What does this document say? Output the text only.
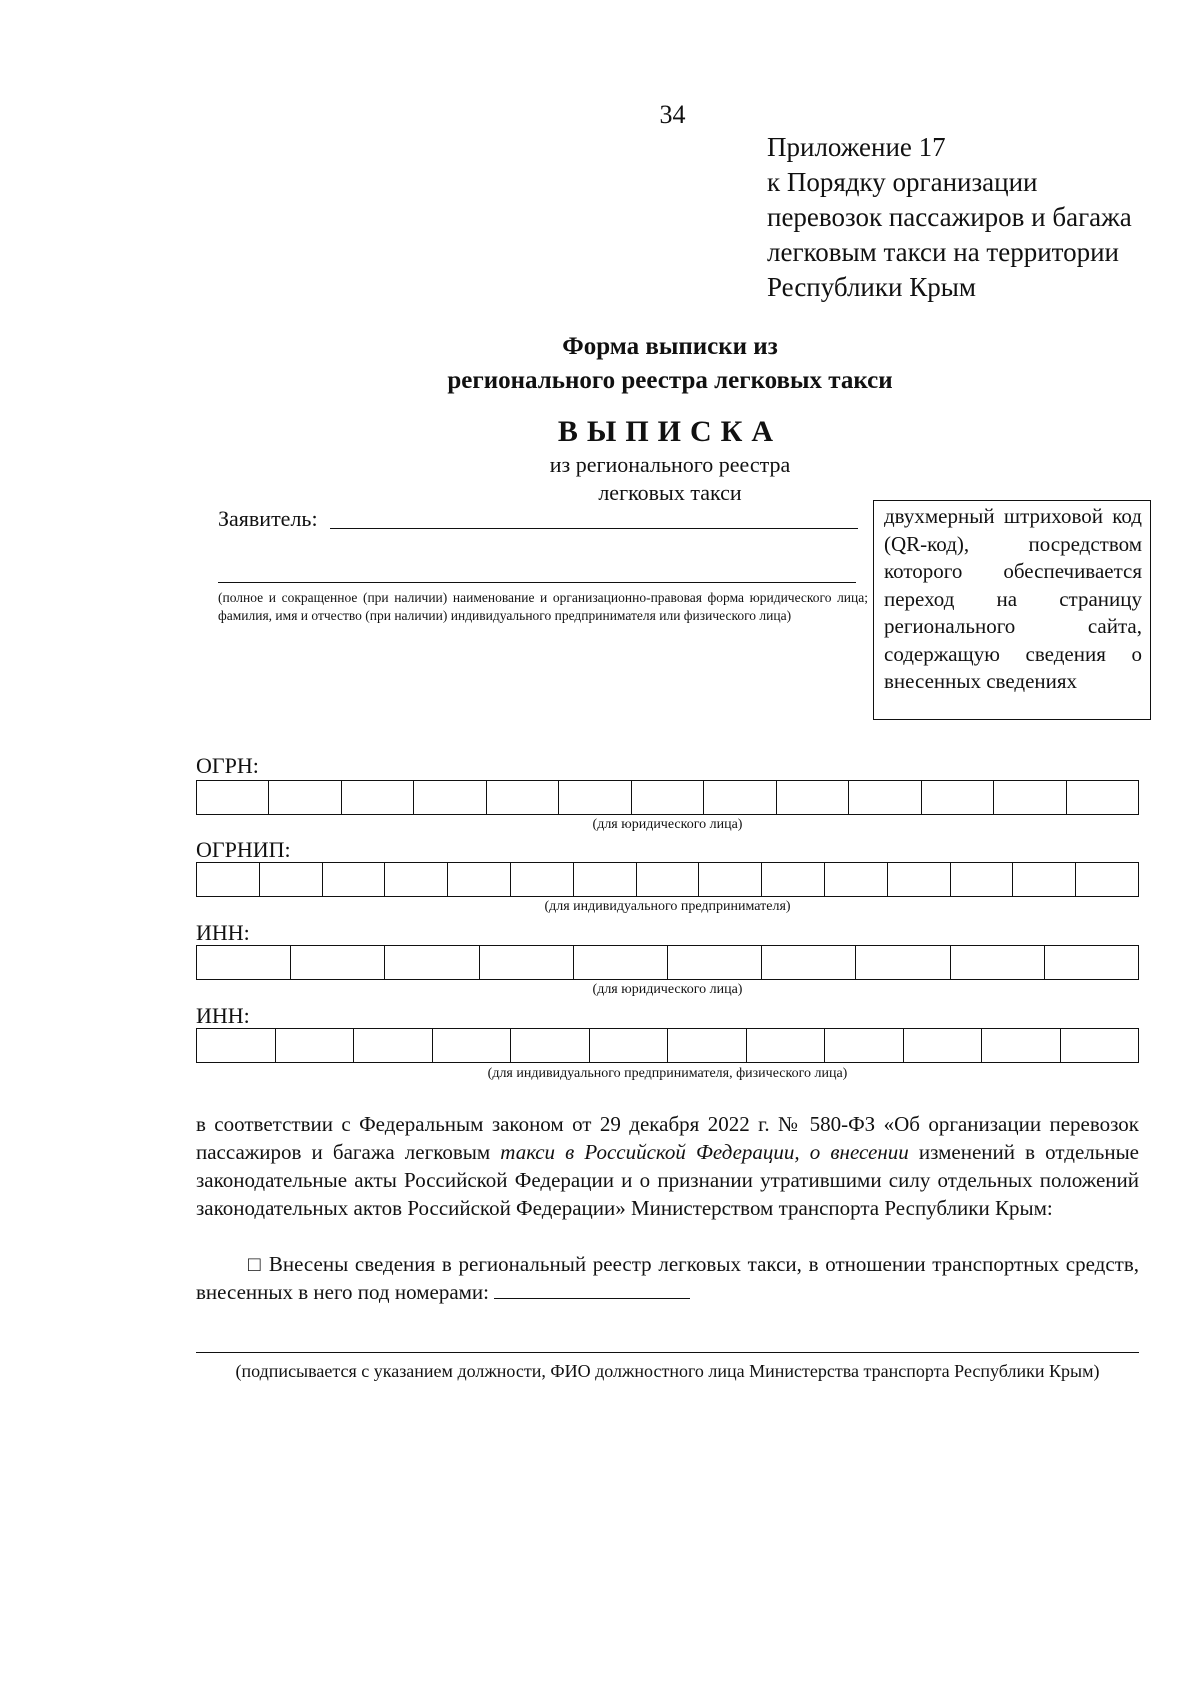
34
Приложение 17
к Порядку организации
перевозок пассажиров и багажа
легковым такси на территории
Республики Крым
Форма выписки из
регионального реестра легковых такси
ВЫПИСКА
из регионального реестра
легковых такси
Заявитель:
(полное и сокращенное (при наличии) наименование и организационно-правовая форма юридического лица; фамилия, имя и отчество (при наличии) индивидуального предпринимателя или физического лица)
двухмерный штриховой код (QR-код), посредством которого обеспечивается переход на страницу регионального сайта, содержащую сведения о внесенных сведениях
ОГРН:
(для юридического лица)
ОГРНИП:
(для индивидуального предпринимателя)
ИНН:
(для юридического лица)
ИНН:
(для индивидуального предпринимателя, физического лица)
в соответствии с Федеральным законом от 29 декабря 2022 г. № 580-ФЗ «Об организации перевозок пассажиров и багажа легковым такси в Российской Федерации, о внесении изменений в отдельные законодательные акты Российской Федерации и о признании утратившими силу отдельных положений законодательных актов Российской Федерации» Министерством транспорта Республики Крым:
□ Внесены сведения в региональный реестр легковых такси, в отношении транспортных средств, внесенных в него под номерами:
(подписывается с указанием должности, ФИО должностного лица Министерства транспорта Республики Крым)
